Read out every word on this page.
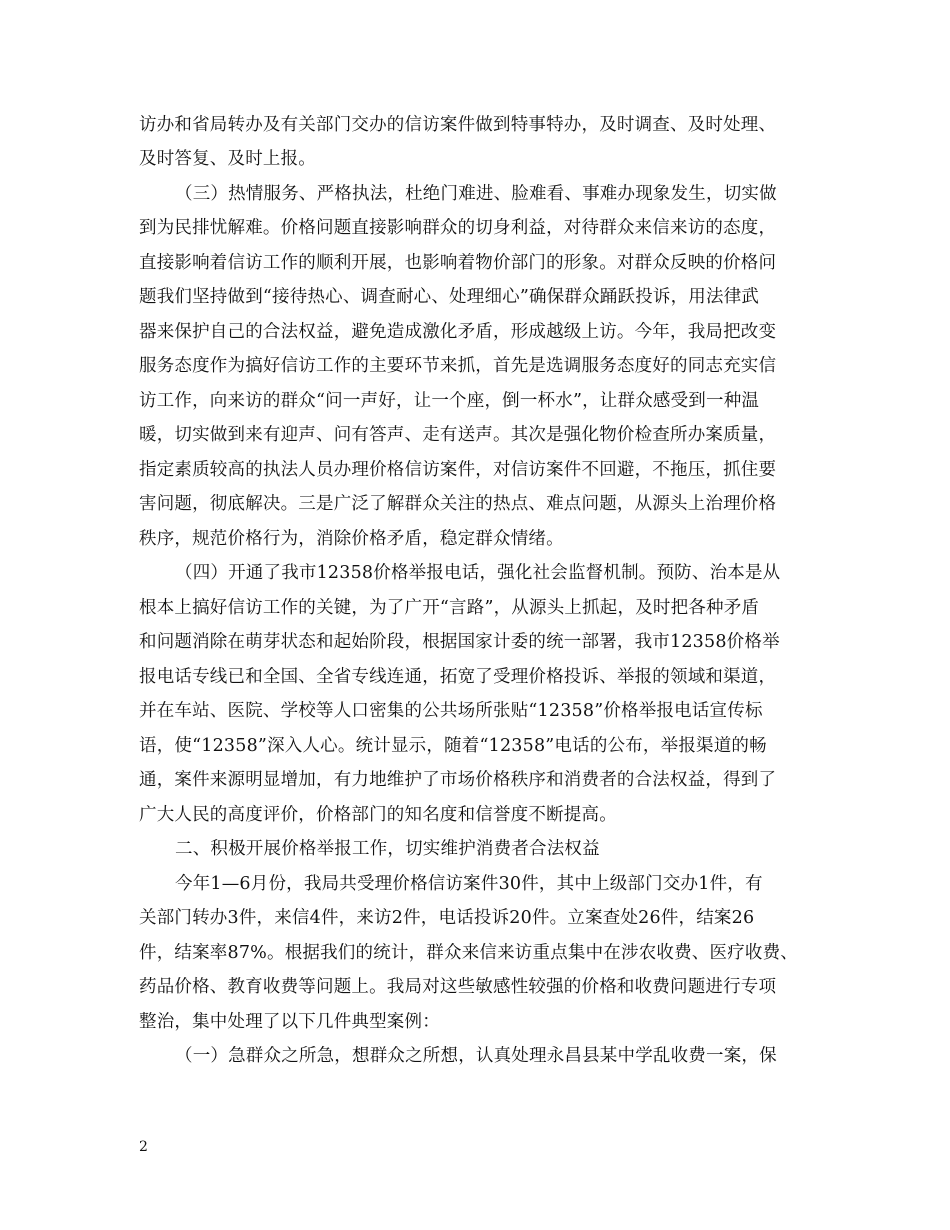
访办和省局转办及有关部门交办的信访案件做到特事特办，及时调查、及时处理、
及时答复、及时上报。
（三）热情服务、严格执法，杜绝门难进、脸难看、事难办现象发生，切实做
到为民排忧解难。价格问题直接影响群众的切身利益，对待群众来信来访的态度，
直接影响着信访工作的顺利开展，也影响着物价部门的形象。对群众反映的价格问
题我们坚持做到“接待热心、调查耐心、处理细心”确保群众踊跃投诉，用法律武
器来保护自己的合法权益，避免造成激化矛盾，形成越级上访。今年，我局把改变
服务态度作为搞好信访工作的主要环节来抓，首先是选调服务态度好的同志充实信
访工作，向来访的群众“问一声好，让一个座，倒一杯水”，让群众感受到一种温
暖，切实做到来有迎声、问有答声、走有送声。其次是强化物价检查所办案质量，
指定素质较高的执法人员办理价格信访案件，对信访案件不回避，不拖压，抓住要
害问题，彻底解决。三是广泛了解群众关注的热点、难点问题，从源头上治理价格
秩序，规范价格行为，消除价格矛盾，稳定群众情绪。
（四）开通了我市12358价格举报电话，强化社会监督机制。预防、治本是从
根本上搞好信访工作的关键，为了广开“言路”，从源头上抓起，及时把各种矛盾
和问题消除在萌芽状态和起始阶段，根据国家计委的统一部署，我市12358价格举
报电话专线已和全国、全省专线连通，拓宽了受理价格投诉、举报的领域和渠道，
并在车站、医院、学校等人口密集的公共场所张贴“12358”价格举报电话宣传标
语，使“12358”深入人心。统计显示，随着“12358”电话的公布，举报渠道的畅
通，案件来源明显增加，有力地维护了市场价格秩序和消费者的合法权益，得到了
广大人民的高度评价，价格部门的知名度和信誉度不断提高。
二、积极开展价格举报工作，切实维护消费者合法权益
今年1—6月份，我局共受理价格信访案件30件，其中上级部门交办1件，有
关部门转办3件，来信4件，来访2件，电话投诉20件。立案查处26件，结案26
件，结案率87%。根据我们的统计，群众来信来访重点集中在涉农收费、医疗收费、
药品价格、教育收费等问题上。我局对这些敏感性较强的价格和收费问题进行专项
整治，集中处理了以下几件典型案例：
（一）急群众之所急，想群众之所想，认真处理永昌县某中学乱收费一案，保
2
